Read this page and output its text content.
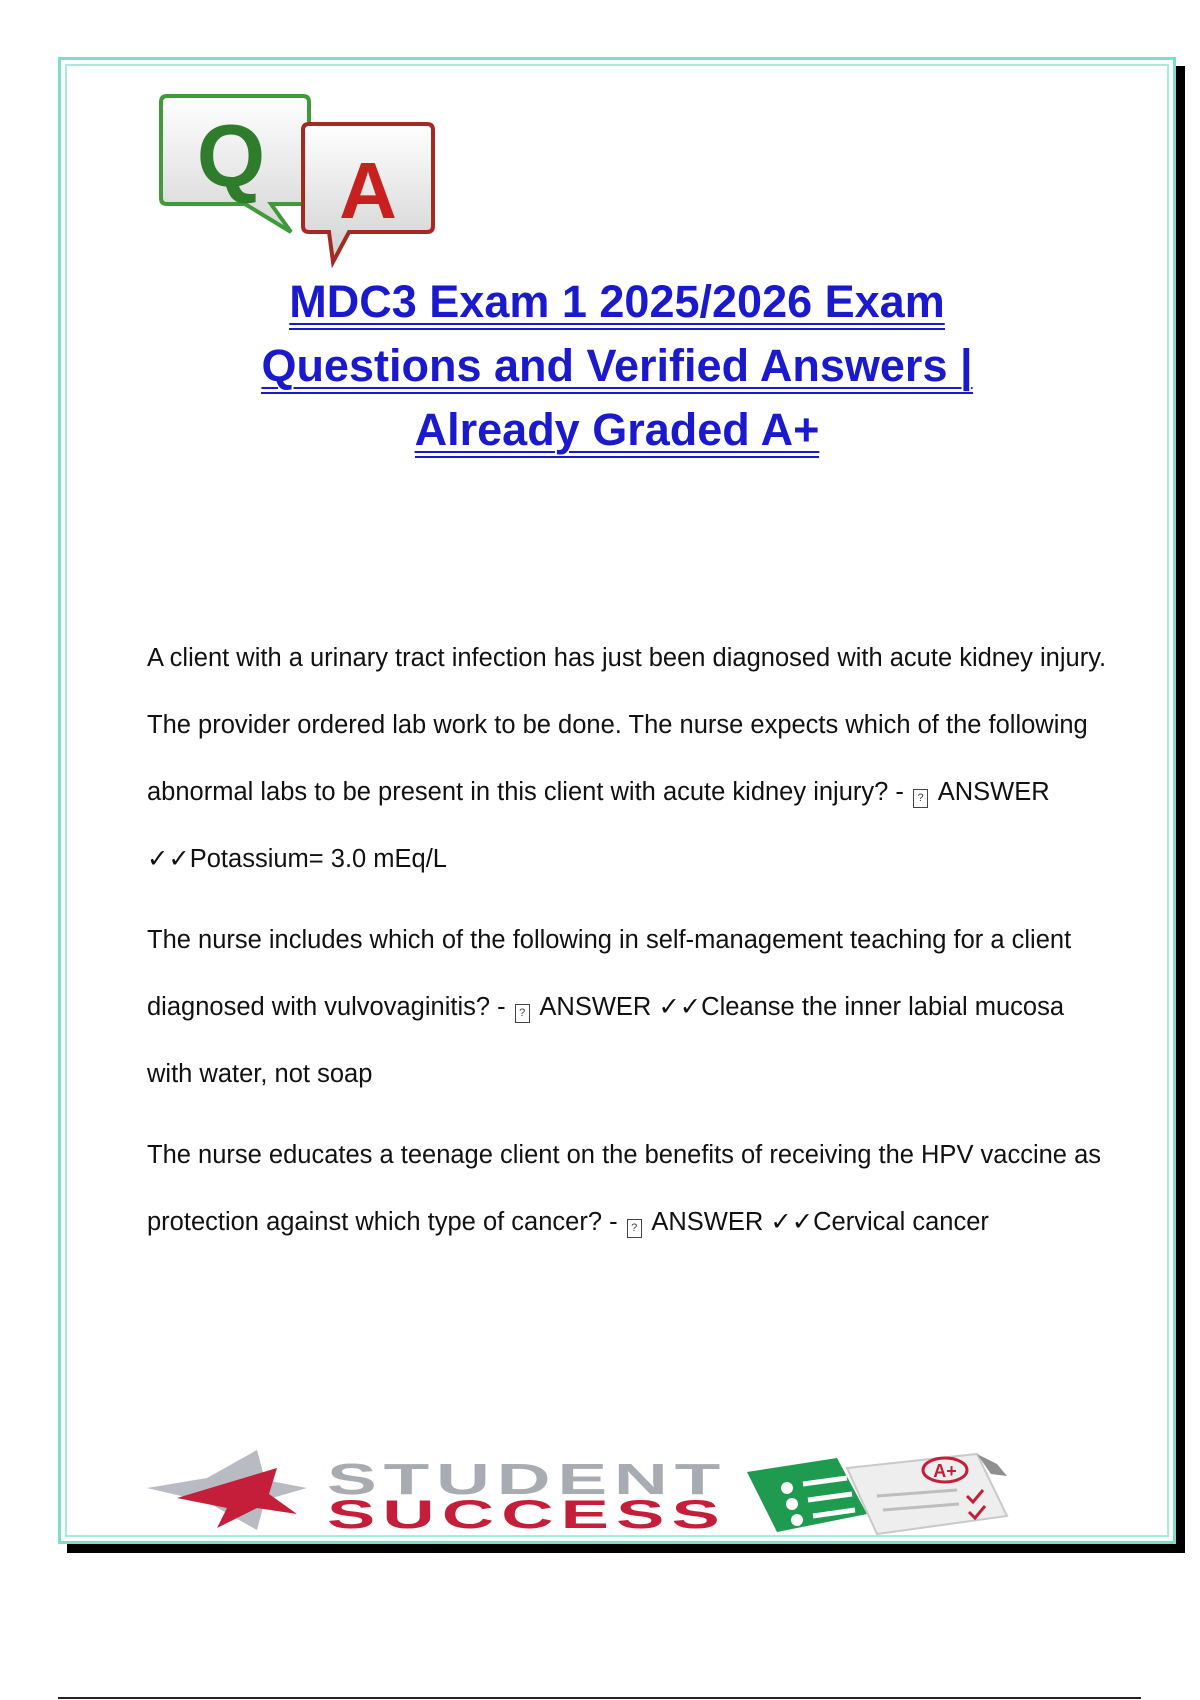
Q A
MDC3 Exam 1 2025/2026 Exam
Questions and Verified Answers |
Already Graded A+

A client with a urinary tract infection has just been diagnosed with acute kidney injury. The provider ordered lab work to be done. The nurse expects which of the following abnormal labs to be present in this client with acute kidney injury? - ? ANSWER ✓✓Potassium= 3.0 mEq/L

The nurse includes which of the following in self-management teaching for a client diagnosed with vulvovaginitis? - ? ANSWER ✓✓Cleanse the inner labial mucosa with water, not soap

The nurse educates a teenage client on the benefits of receiving the HPV vaccine as protection against which type of cancer? - ? ANSWER ✓✓Cervical cancer

STUDENT
SUCCESS
A+
